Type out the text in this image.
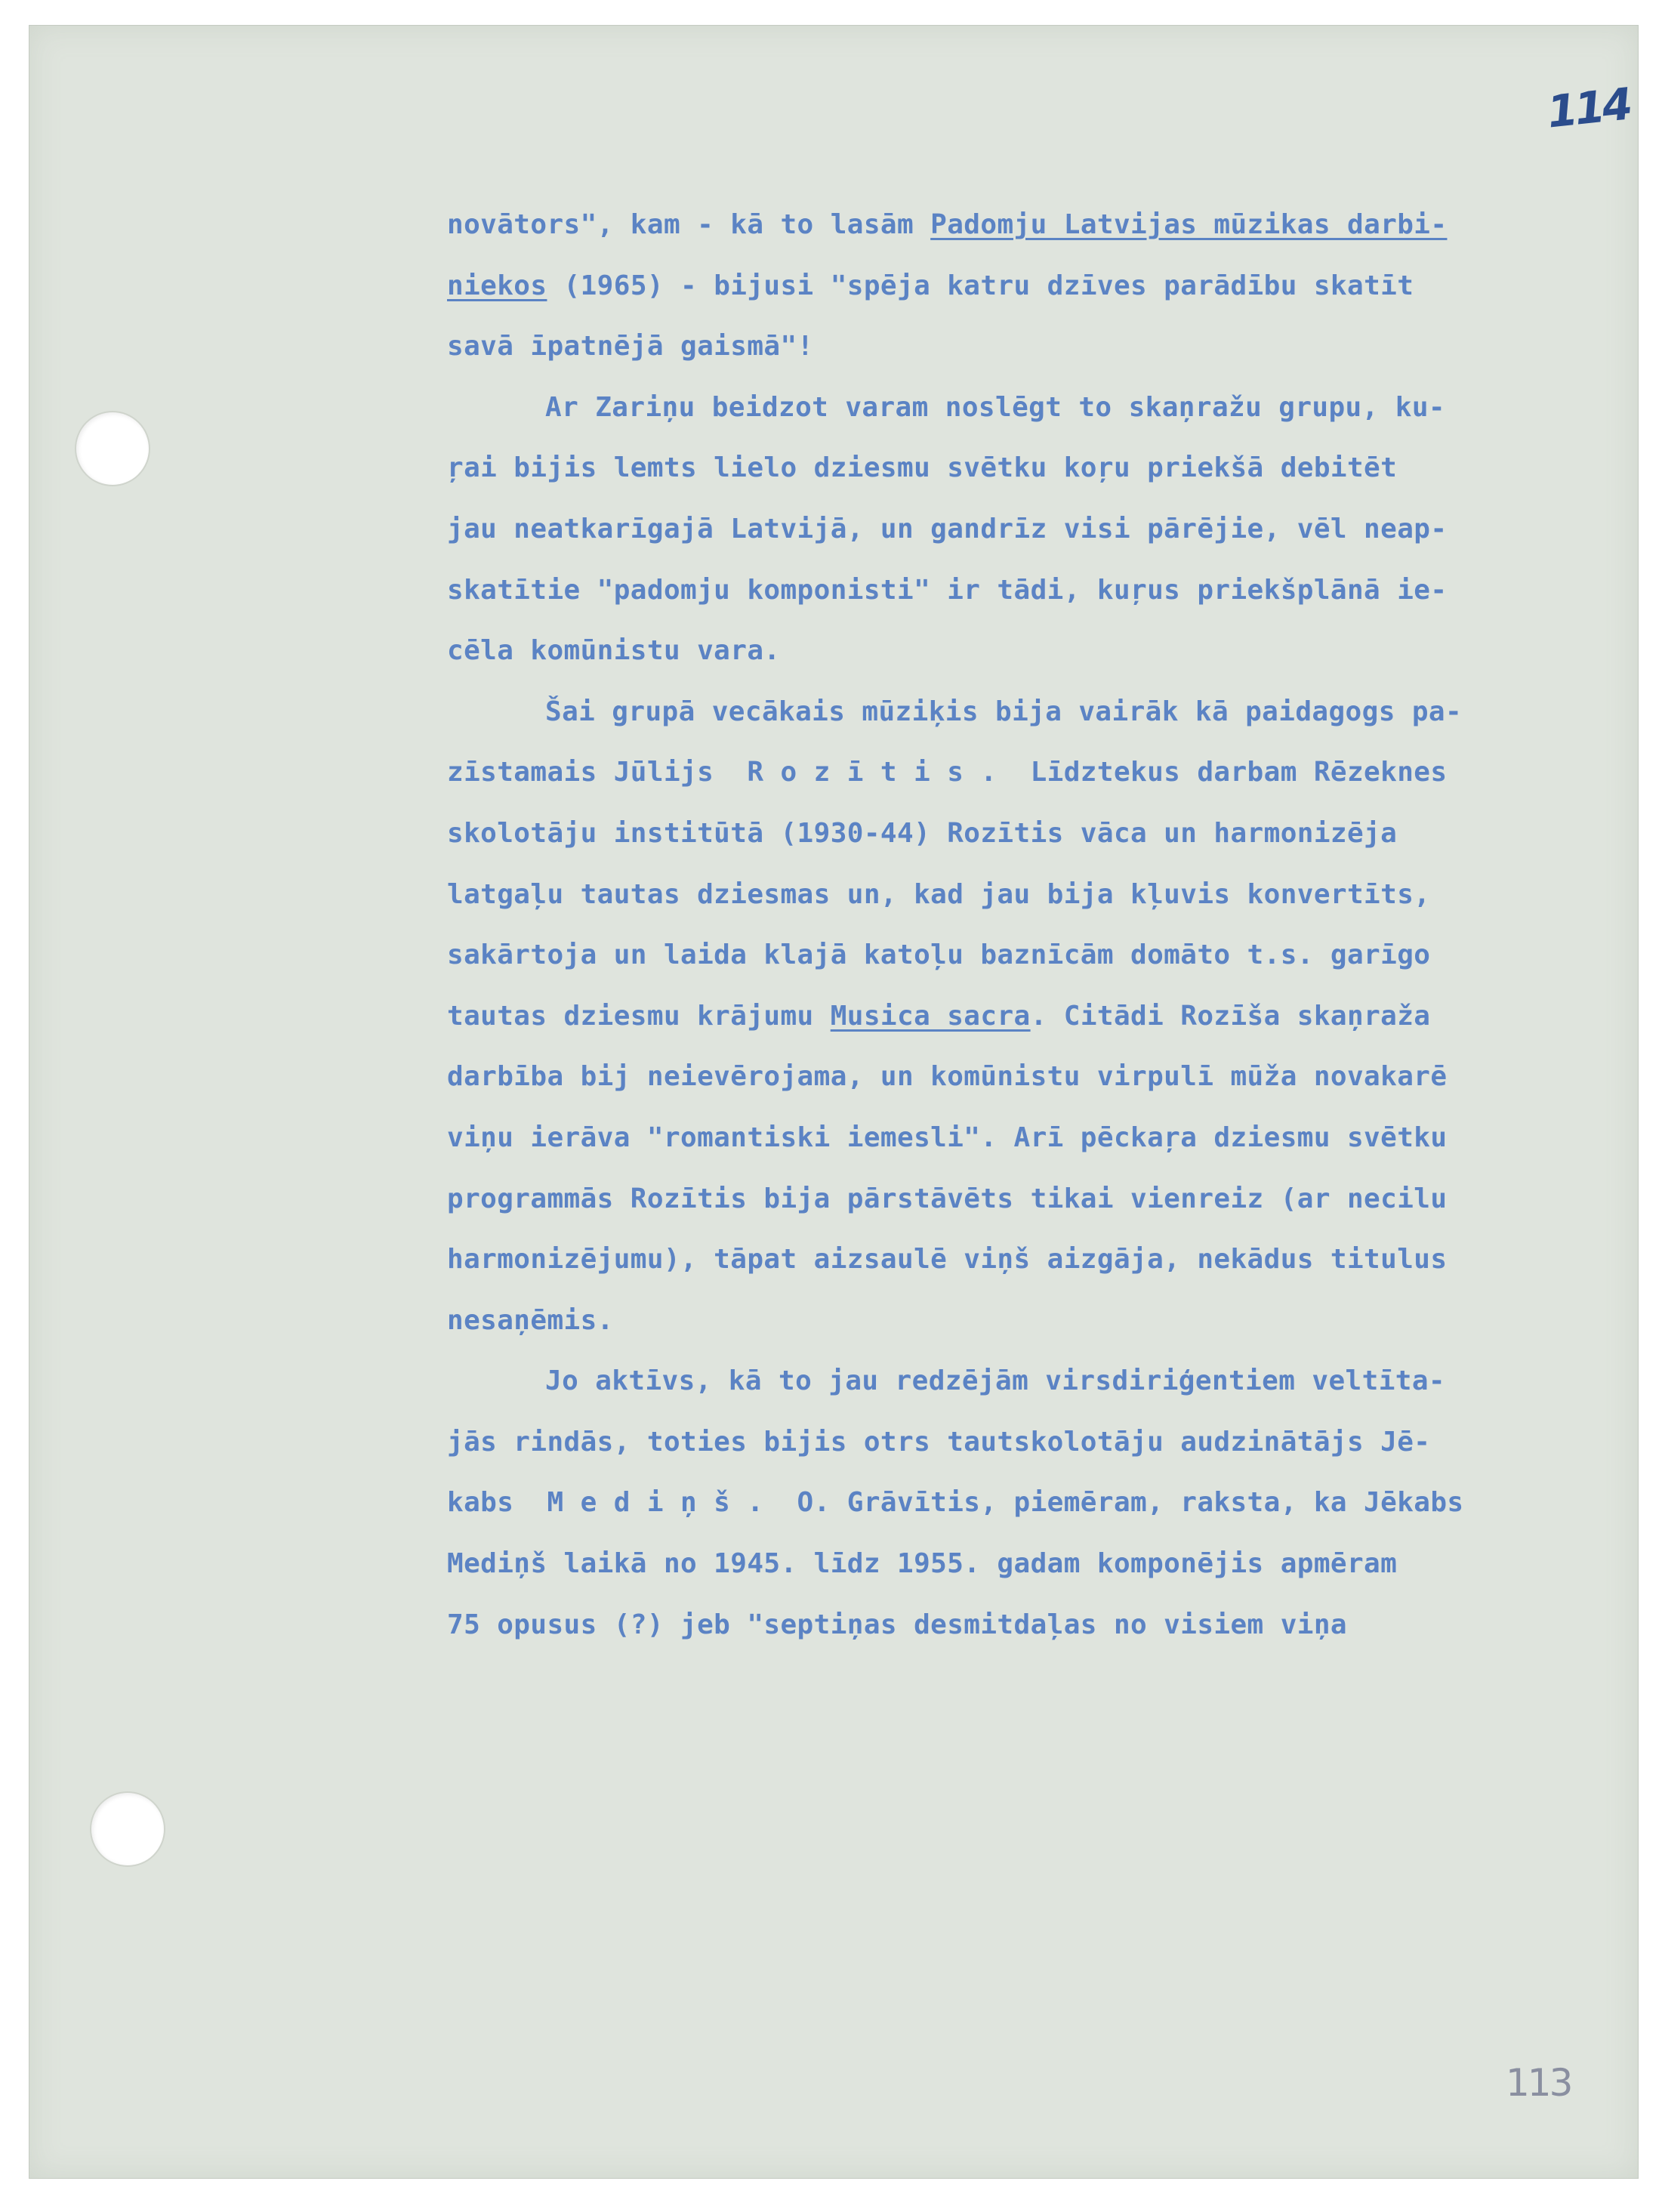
114
113
novātors", kam - kā to lasām Padomju Latvijas mūzikas darbi-
niekos (1965) - bijusi "spēja katru dzīves parādību skatīt
savā īpatnējā gaismā"!
Ar Zariņu beidzot varam noslēgt to skaņražu grupu, ku-
ŗai bijis lemts lielo dziesmu svētku koŗu priekšā debitēt
jau neatkarīgajā Latvijā, un gandrīz visi pārējie, vēl neap-
skatītie "padomju komponisti" ir tādi, kuŗus priekšplānā ie-
cēla komūnistu vara.
Šai grupā vecākais mūziķis bija vairāk kā paidagogs pa-
zīstamais Jūlijs  R o z ī t i s .  Līdztekus darbam Rēzeknes
skolotāju institūtā (1930-44) Rozītis vāca un harmonizēja
latgaļu tautas dziesmas un, kad jau bija kļuvis konvertīts,
sakārtoja un laida klajā katoļu baznīcām domāto t.s. garīgo
tautas dziesmu krājumu Musica sacra. Citādi Rozīša skaņraža
darbība bij neievērojama, un komūnistu virpulī mūža novakarē
viņu ierāva "romantiski iemesli". Arī pēckaŗa dziesmu svētku
programmās Rozītis bija pārstāvēts tikai vienreiz (ar necilu
harmonizējumu), tāpat aizsaulē viņš aizgāja, nekādus titulus
nesaņēmis.
Jo aktīvs, kā to jau redzējām virsdiriģentiem veltīta-
jās rindās, toties bijis otrs tautskolotāju audzinātājs Jē-
kabs  M e d i ņ š .  O. Grāvītis, piemēram, raksta, ka Jēkabs
Mediņš laikā no 1945. līdz 1955. gadam komponējis apmēram
75 opusus (?) jeb "septiņas desmitdaļas no visiem viņa
